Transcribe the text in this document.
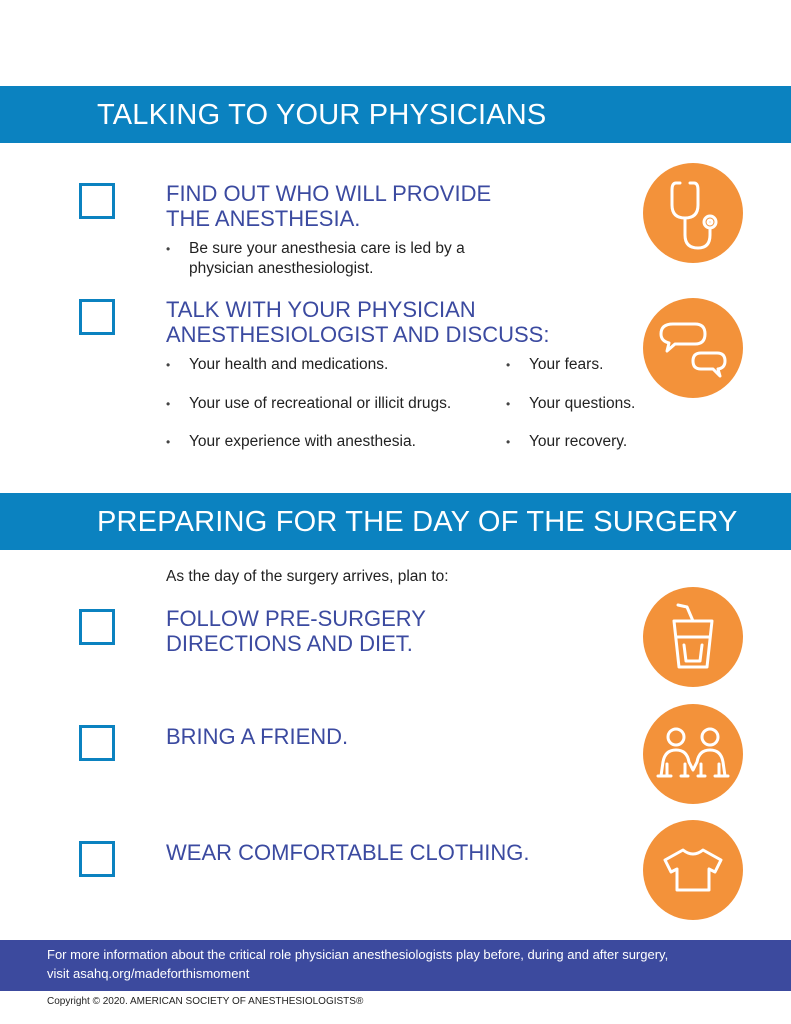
TALKING TO YOUR PHYSICIANS
FIND OUT WHO WILL PROVIDE
THE ANESTHESIA.
• Be sure your anesthesia care is led by a
physician anesthesiologist.
TALK WITH YOUR PHYSICIAN
ANESTHESIOLOGIST AND DISCUSS:
• Your health and medications.
• Your use of recreational or illicit drugs.
• Your experience with anesthesia.
• Your fears.
• Your questions.
• Your recovery.
PREPARING FOR THE DAY OF THE SURGERY
As the day of the surgery arrives, plan to:
FOLLOW PRE-SURGERY
DIRECTIONS AND DIET.
BRING A FRIEND.
WEAR COMFORTABLE CLOTHING.

For more information about the critical role physician anesthesiologists play before, during and after surgery,
visit asahq.org/madeforthismoment

Copyright © 2020. AMERICAN SOCIETY OF ANESTHESIOLOGISTS®
